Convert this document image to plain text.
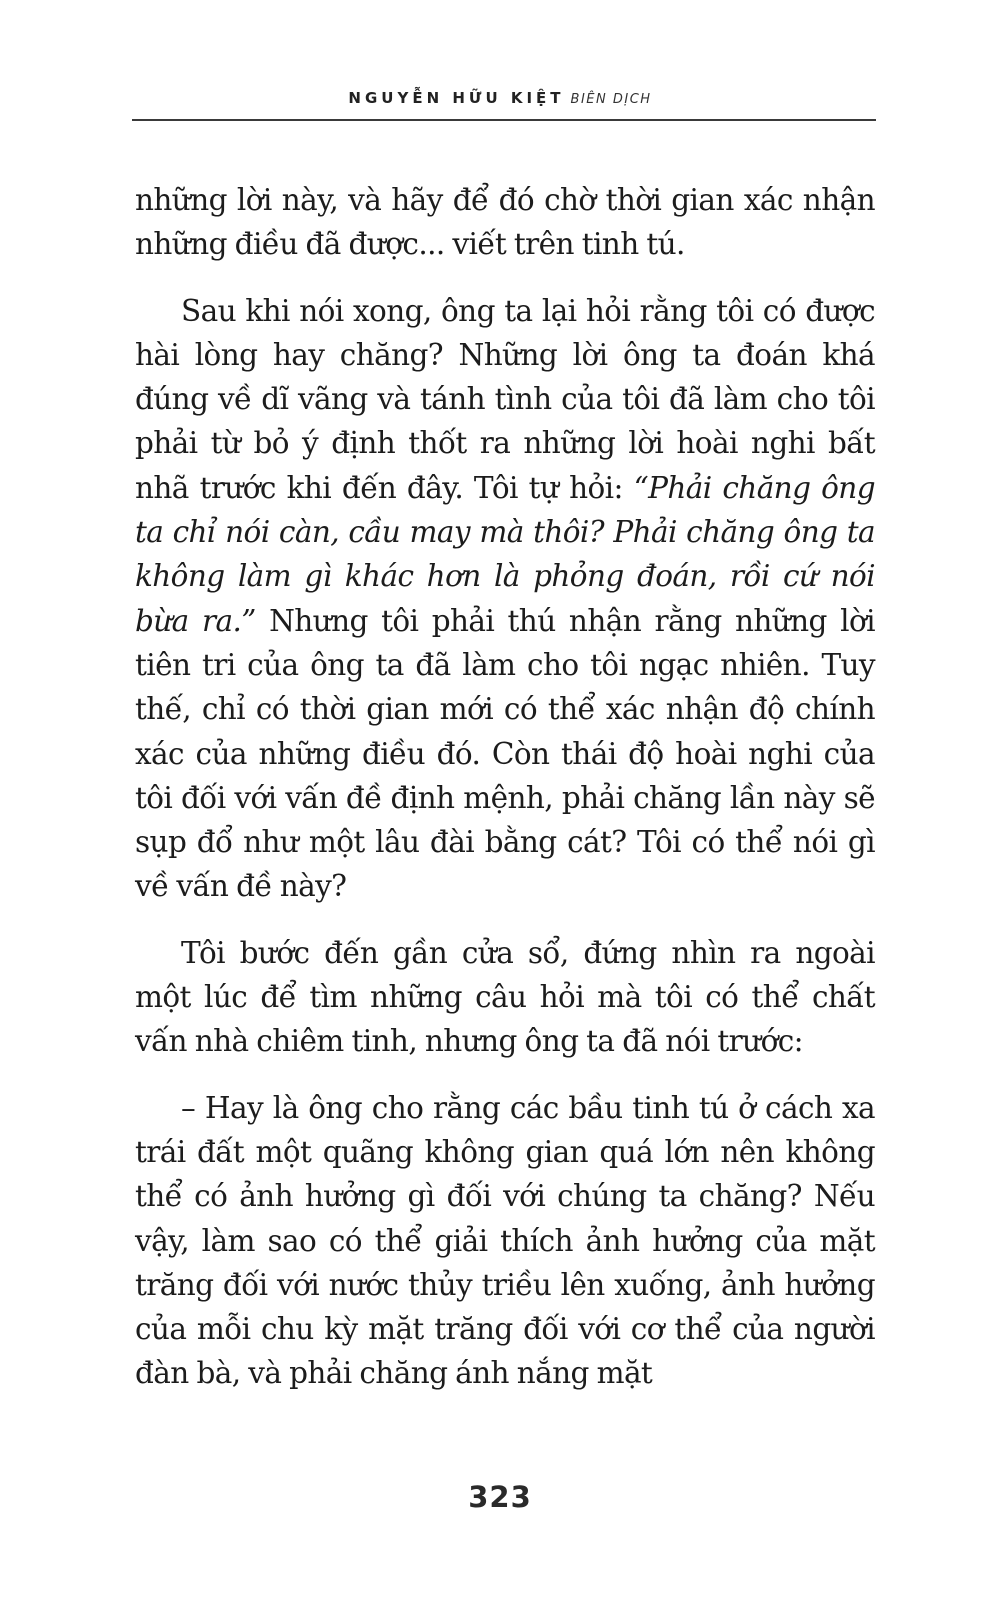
NGUYỄN HỮU KIỆT BIÊN DỊCH

những lời này, và hãy để đó chờ thời gian xác nhận những điều đã được... viết trên tinh tú.

Sau khi nói xong, ông ta lại hỏi rằng tôi có được hài lòng hay chăng? Những lời ông ta đoán khá đúng về dĩ vãng và tánh tình của tôi đã làm cho tôi phải từ bỏ ý định thốt ra những lời hoài nghi bất nhã trước khi đến đây. Tôi tự hỏi: “Phải chăng ông ta chỉ nói càn, cầu may mà thôi? Phải chăng ông ta không làm gì khác hơn là phỏng đoán, rồi cứ nói bừa ra.” Nhưng tôi phải thú nhận rằng những lời tiên tri của ông ta đã làm cho tôi ngạc nhiên. Tuy thế, chỉ có thời gian mới có thể xác nhận độ chính xác của những điều đó. Còn thái độ hoài nghi của tôi đối với vấn đề định mệnh, phải chăng lần này sẽ sụp đổ như một lâu đài bằng cát? Tôi có thể nói gì về vấn đề này?

Tôi bước đến gần cửa sổ, đứng nhìn ra ngoài một lúc để tìm những câu hỏi mà tôi có thể chất vấn nhà chiêm tinh, nhưng ông ta đã nói trước:

– Hay là ông cho rằng các bầu tinh tú ở cách xa trái đất một quãng không gian quá lớn nên không thể có ảnh hưởng gì đối với chúng ta chăng? Nếu vậy, làm sao có thể giải thích ảnh hưởng của mặt trăng đối với nước thủy triều lên xuống, ảnh hưởng của mỗi chu kỳ mặt trăng đối với cơ thể của người đàn bà, và phải chăng ánh nắng mặt

323
